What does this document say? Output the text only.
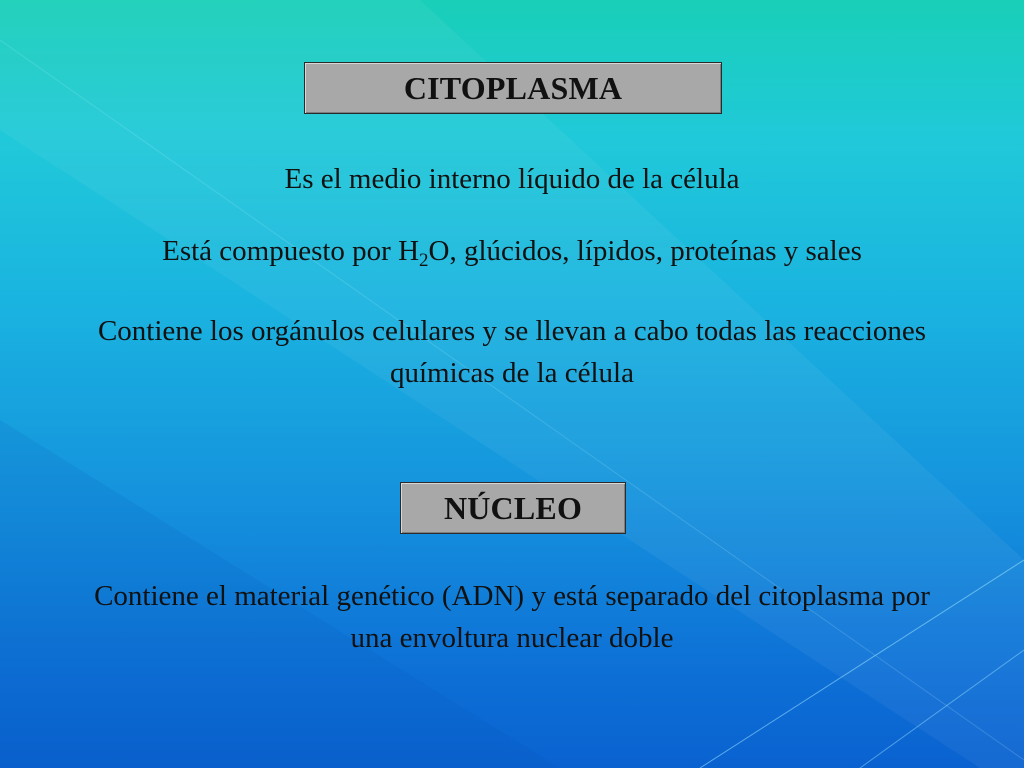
CITOPLASMA
Es el medio interno líquido de la célula
Está compuesto por $H_2O$, glúcidos, lípidos, proteínas y sales
Contiene los orgánulos celulares y se llevan a cabo todas las reacciones químicas de la célula
NÚCLEO
Contiene el material genético (ADN) y está separado del citoplasma por una envoltura nuclear doble
